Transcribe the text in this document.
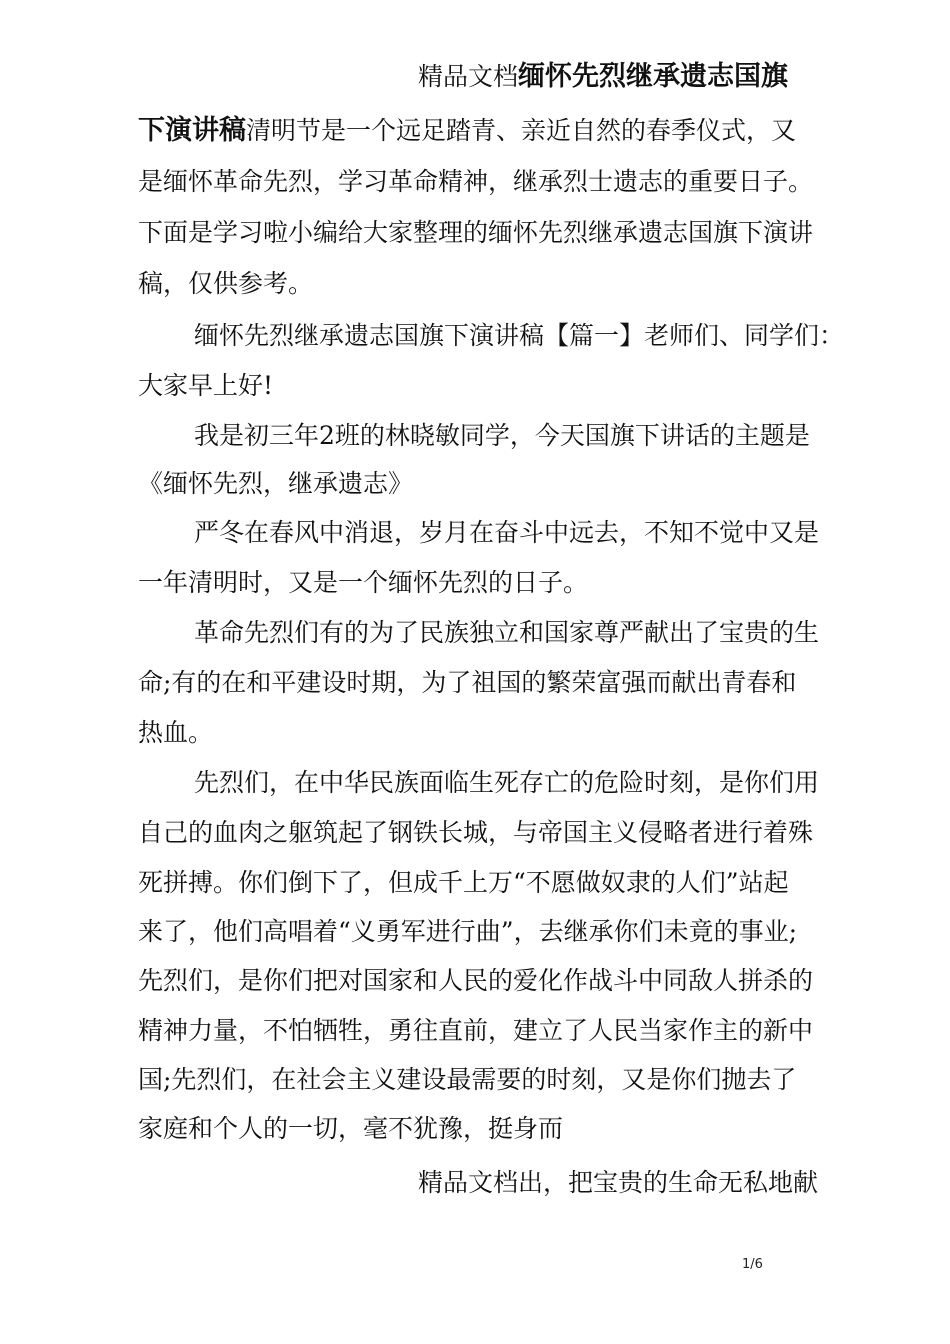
精品文档缅怀先烈继承遗志国旗
下演讲稿清明节是一个远足踏青、亲近自然的春季仪式，又
是缅怀革命先烈，学习革命精神，继承烈士遗志的重要日子。
下面是学习啦小编给大家整理的缅怀先烈继承遗志国旗下演讲
稿，仅供参考。
缅怀先烈继承遗志国旗下演讲稿【篇一】老师们、同学们：
大家早上好!
我是初三年2班的林晓敏同学，今天国旗下讲话的主题是
《缅怀先烈，继承遗志》
严冬在春风中消退，岁月在奋斗中远去，不知不觉中又是
一年清明时，又是一个缅怀先烈的日子。
革命先烈们有的为了民族独立和国家尊严献出了宝贵的生
命;有的在和平建设时期，为了祖国的繁荣富强而献出青春和
热血。
先烈们，在中华民族面临生死存亡的危险时刻，是你们用
自己的血肉之躯筑起了钢铁长城，与帝国主义侵略者进行着殊
死拼搏。你们倒下了，但成千上万“不愿做奴隶的人们”站起
来了，他们高唱着“义勇军进行曲”，去继承你们未竟的事业;
先烈们，是你们把对国家和人民的爱化作战斗中同敌人拼杀的
精神力量，不怕牺牲，勇往直前，建立了人民当家作主的新中
国;先烈们，在社会主义建设最需要的时刻，又是你们抛去了
家庭和个人的一切，毫不犹豫，挺身而
精品文档出，把宝贵的生命无私地献
1/6
